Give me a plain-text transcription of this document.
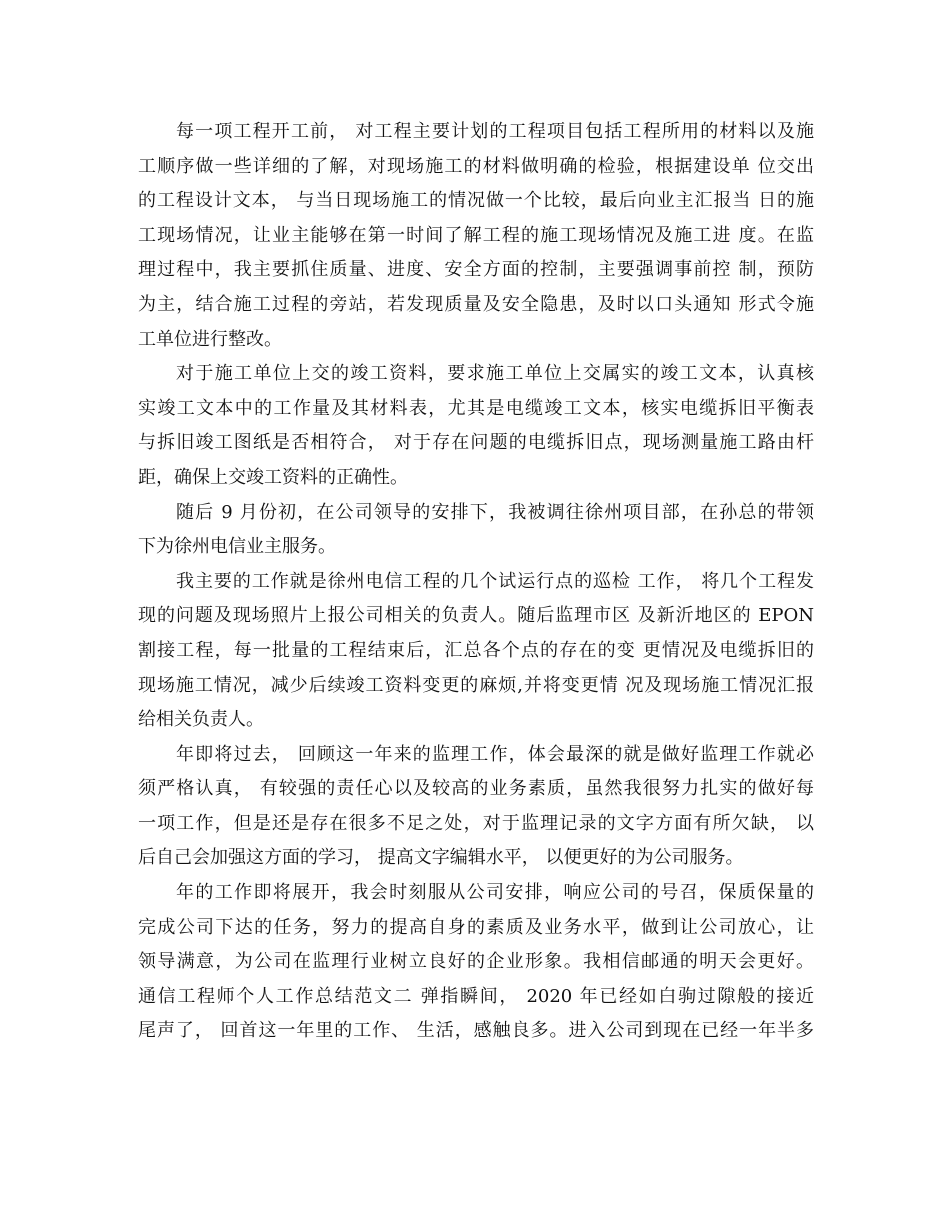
每一项工程开工前， 对工程主要计划的工程项目包括工程所用的材料以及施
工顺序做一些详细的了解，对现场施工的材料做明确的检验，根据建设单 位交出
的工程设计文本， 与当日现场施工的情况做一个比较，最后向业主汇报当 日的施
工现场情况，让业主能够在第一时间了解工程的施工现场情况及施工进 度。在监
理过程中，我主要抓住质量、进度、安全方面的控制，主要强调事前控 制，预防
为主，结合施工过程的旁站，若发现质量及安全隐患，及时以口头通知 形式令施
工单位进行整改。
对于施工单位上交的竣工资料，要求施工单位上交属实的竣工文本，认真核
实竣工文本中的工作量及其材料表，尤其是电缆竣工文本，核实电缆拆旧平衡表
与拆旧竣工图纸是否相符合， 对于存在问题的电缆拆旧点，现场测量施工路由杆
距，确保上交竣工资料的正确性。
随后 9 月份初，在公司领导的安排下，我被调往徐州项目部，在孙总的带领
下为徐州电信业主服务。
我主要的工作就是徐州电信工程的几个试运行点的巡检 工作， 将几个工程发
现的问题及现场照片上报公司相关的负责人。随后监理市区 及新沂地区的 EPON
割接工程，每一批量的工程结束后，汇总各个点的存在的变 更情况及电缆拆旧的
现场施工情况，减少后续竣工资料变更的麻烦,并将变更情 况及现场施工情况汇报
给相关负责人。
年即将过去， 回顾这一年来的监理工作，体会最深的就是做好监理工作就必
须严格认真， 有较强的责任心以及较高的业务素质，虽然我很努力扎实的做好每
一项工作，但是还是存在很多不足之处，对于监理记录的文字方面有所欠缺， 以
后自己会加强这方面的学习， 提高文字编辑水平， 以便更好的为公司服务。
年的工作即将展开，我会时刻服从公司安排，响应公司的号召，保质保量的
完成公司下达的任务，努力的提高自身的素质及业务水平，做到让公司放心，让
领导满意，为公司在监理行业树立良好的企业形象。我相信邮通的明天会更好。
通信工程师个人工作总结范文二 弹指瞬间， 2020 年已经如白驹过隙般的接近
尾声了， 回首这一年里的工作、 生活，感触良多。进入公司到现在已经一年半多
